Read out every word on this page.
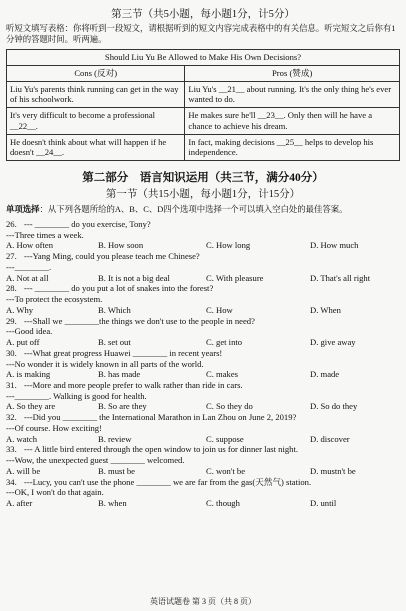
第三节（共5小题，每小题1分，计5分）

听短文填写表格：你将听到一段短文，请根据听到的短文内容完成表格中的有关信息。听完短文之后你有1分钟的答题时间。听两遍。

Should Liu Yu Be Allowed to Make His Own Decisions?	
Cons (反对)	Pros (赞成)
Liu Yu's parents think running can get in the way of his schoolwork.	Liu Yu's __21__ about running. It's the only thing he's ever wanted to do.
It's very difficult to become a professional __22__.	He makes sure he'll __23__. Only then will he have a chance to achieve his dream.
He doesn't think about what will happen if he doesn't __24__.	In fact, making decisions __25__ helps to develop his independence.
第二部分　语言知识运用（共三节，满分40分）
第一节（共15小题，每小题1分，计15分）

单项选择：从下列各题所给的A、B、C、D四个选项中选择一个可以填入空白处的最佳答案。

26. --- ________ do you exercise, Tony?
---Three times a week.
A. How often	B. How soon	C. How long	D. How much
27. ---Yang Ming, could you please teach me Chinese?
---________.
A. Not at all	B. It is not a big deal	C. With pleasure	D. That's all right
28. --- ________ do you put a lot of snakes into the forest?
---To protect the ecosystem.
A. Why	B. Which	C. How	D. When
29. ---Shall we ________the things we don't use to the people in need?
---Good idea.
A. put off	B. set out	C. get into	D. give away
30. ---What great progress Huawei ________ in recent years!
---No wonder it is widely known in all parts of the world.
A. is making	B. has made	C. makes	D. made
31. ---More and more people prefer to walk rather than ride in cars.
---________. Walking is good for health.
A. So they are	B. So are they	C. So they do	D. So do they
32. ---Did you ________ the International Marathon in Lan Zhou on June 2, 2019?
---Of course. How exciting!
A. watch	B. review	C. suppose	D. discover
33. --- A little bird entered through the open window to join us for dinner last night.
---Wow, the unexpected guest ________ welcomed.
A. will be	B. must be	C. won't be	D. mustn't be
34. ---Lucy, you can't use the phone ________ we are far from the gas(天然气) station.
---OK, I won't do that again.
A. after	B. when	C. though	D. until
英语试题卷 第 3 页（共 8 页）
